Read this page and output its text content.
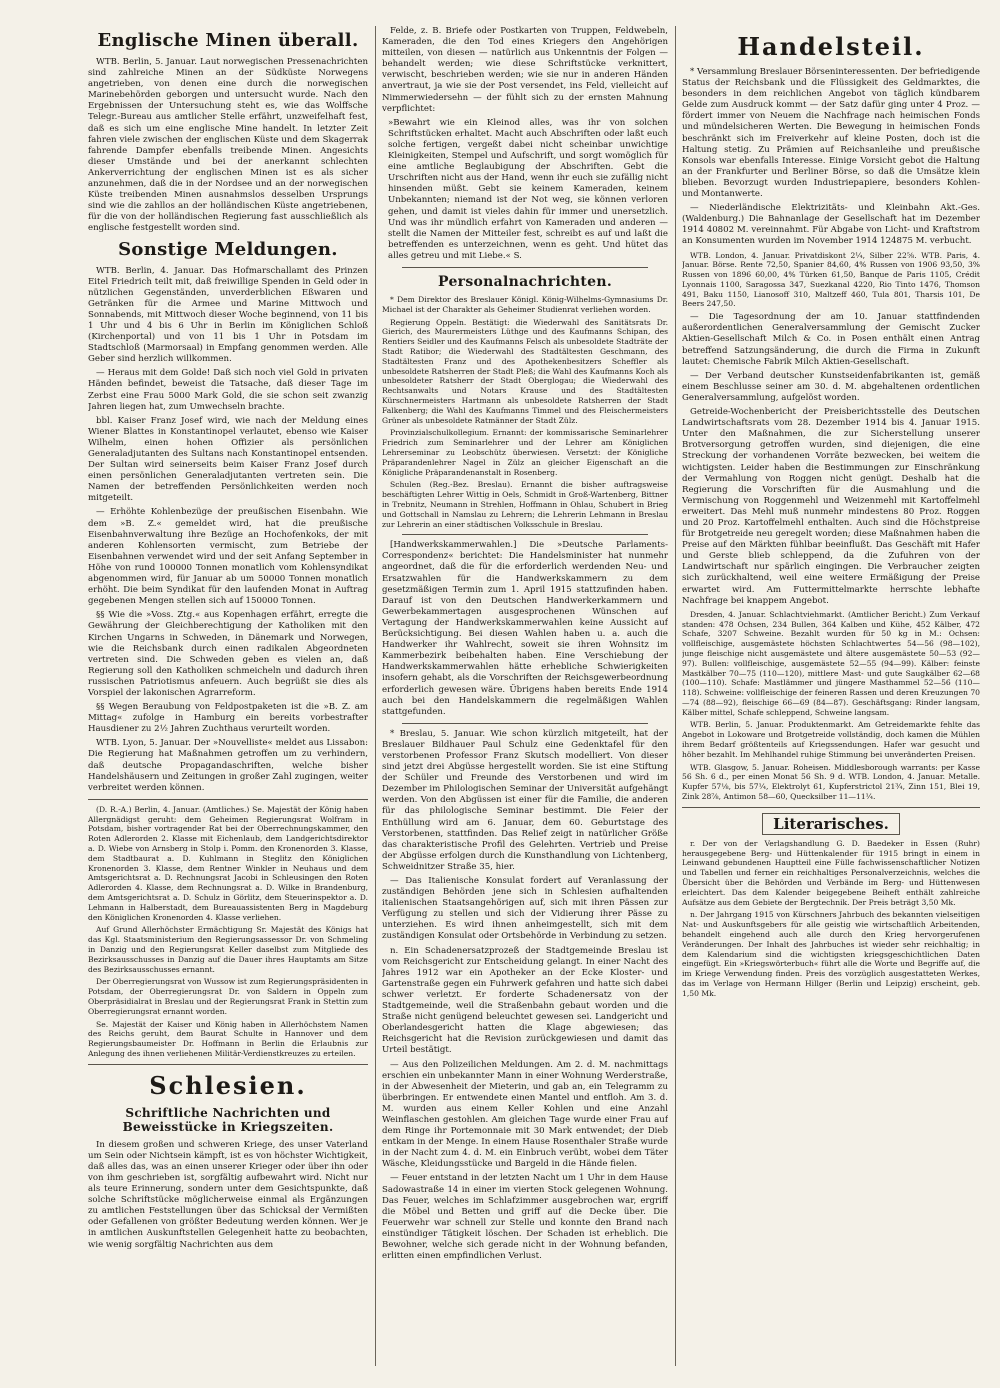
Englische Minen überall.

WTB. Berlin, 5. Januar. Laut norwegischen Pressenachrichten sind zahlreiche Minen an der Südküste Norwegens angetrieben, von denen eine durch die norwegischen Marinebehörden geborgen und untersucht wurde. Nach den Ergebnissen der Untersuchung steht es, wie das Wolffsche Telegr.-Bureau aus amtlicher Stelle erfährt, unzweifelhaft fest, daß es sich um eine englische Mine handelt. In letzter Zeit fahren viele zwischen der englischen Küste und dem Skagerrak fahrende Dampfer ebenfalls treibende Minen. Angesichts dieser Umstände und bei der anerkannt schlechten Ankerverrichtung der englischen Minen ist es als sicher anzunehmen, daß die in der Nordsee und an der norwegischen Küste treibenden Minen ausnahmslos desselben Ursprungs sind wie die zahllos an der holländischen Küste angetriebenen, für die von der holländischen Regierung fast ausschließlich als englische festgestellt worden sind.

Sonstige Meldungen.

WTB. Berlin, 4. Januar. Das Hofmarschallamt des Prinzen Eitel Friedrich teilt mit, daß freiwillige Spenden in Geld oder in nützlichen Gegenständen, unverderblichen Eßwaren und Getränken für die Armee und Marine Mittwoch und Sonnabends, mit Mittwoch dieser Woche beginnend, von 11 bis 1 Uhr und 4 bis 6 Uhr in Berlin im Königlichen Schloß (Kirchenportal) und von 11 bis 1 Uhr in Potsdam im Stadtschloß (Marmorsaal) in Empfang genommen werden. Alle Geber sind herzlich willkommen.

— Heraus mit dem Golde! Daß sich noch viel Gold in privaten Händen befindet, beweist die Tatsache, daß dieser Tage im Zerbst eine Frau 5000 Mark Gold, die sie schon seit zwanzig Jahren liegen hat, zum Umwechseln brachte.

bbl. Kaiser Franz Josef wird, wie nach der Meldung eines Wiener Blattes in Konstantinopel verlautet, ebenso wie Kaiser Wilhelm, einen hohen Offizier als persönlichen Generaladjutanten des Sultans nach Konstantinopel entsenden. Der Sultan wird seinerseits beim Kaiser Franz Josef durch einen persönlichen Generaladjutanten vertreten sein. Die Namen der betreffenden Persönlichkeiten werden noch mitgeteilt.

— Erhöhte Kohlenbezüge der preußischen Eisenbahn. Wie dem »B. Z.« gemeldet wird, hat die preußische Eisenbahnverwaltung ihre Bezüge an Hochofenkoks, der mit anderen Kohlensorten vermischt, zum Betriebe der Eisenbahnen verwendet wird und der seit Anfang September in Höhe von rund 100000 Tonnen monatlich vom Kohlensyndikat abgenommen wird, für Januar ab um 50000 Tonnen monatlich erhöht. Die beim Syndikat für den laufenden Monat in Auftrag gegebenen Mengen stellen sich auf 150000 Tonnen.

§§ Wie die »Voss. Ztg.« aus Kopenhagen erfährt, erregte die Gewährung der Gleichberechtigung der Katholiken mit den Kirchen Ungarns in Schweden, in Dänemark und Norwegen, wie die Reichsbank durch einen radikalen Abgeordneten vertreten sind. Die Schweden geben es vielen an, daß Regierung soll den Katholiken schmeicheln und dadurch ihren russischen Patriotismus anfeuern. Auch begrüßt sie dies als Vorspiel der lakonischen Agrarreform.

§§ Wegen Beraubung von Feldpostpaketen ist die »B. Z. am Mittag« zufolge in Hamburg ein bereits vorbestrafter Hausdiener zu 2½ Jahren Zuchthaus verurteilt worden.

WTB. Lyon, 5. Januar. Der »Nouvelliste« meldet aus Lissabon: Die Regierung hat Maßnahmen getroffen um zu verhindern, daß deutsche Propagandaschriften, welche bisher Handelshäusern und Zeitungen in großer Zahl zugingen, weiter verbreitet werden können.

(D. R.-A.) Berlin, 4. Januar. (Amtliches.) Se. Majestät der König haben Allergnädigst geruht: dem Geheimen Regierungsrat Wolfram in Potsdam, bisher vortragender Rat bei der Oberrechnungskammer, den Roten Adlerorden 2. Klasse mit Eichenlaub, dem Landgerichtsdirektor a. D. Wiebe von Arnsberg in Stolp i. Pomm. den Kronenorden 3. Klasse, dem Stadtbaurat a. D. Kuhlmann in Steglitz den Königlichen Kronenorden 3. Klasse, dem Rentner Winkler in Neuhaus und dem Amtsgerichtsrat a. D. Rechnungsrat Jacobi in Schleusingen den Roten Adlerorden 4. Klasse, dem Rechnungsrat a. D. Wilke in Brandenburg, dem Amtsgerichtsrat a. D. Schulz in Görlitz, dem Steuerinspektor a. D. Lehmann in Halberstadt, dem Bureauassistenten Berg in Magdeburg den Königlichen Kronenorden 4. Klasse verliehen.

Auf Grund Allerhöchster Ermächtigung Sr. Majestät des Königs hat das Kgl. Staatsministerium den Regierungsassessor Dr. von Schmeling in Danzig und den Regierungsrat Keller daselbst zum Mitgliede des Bezirksausschusses in Danzig auf die Dauer ihres Hauptamts am Sitze des Bezirksausschusses ernannt.

Der Oberregierungsrat von Wussow ist zum Regierungspräsidenten in Potsdam, der Oberregierungsrat Dr. von Saldern in Oppeln zum Oberpräsidialrat in Breslau und der Regierungsrat Frank in Stettin zum Oberregierungsrat ernannt worden.

Se. Majestät der Kaiser und König haben in Allerhöchstem Namen des Reichs geruht, dem Baurat Schulte in Hannover und dem Regierungsbaumeister Dr. Hoffmann in Berlin die Erlaubnis zur Anlegung des ihnen verliehenen Militär-Verdienstkreuzes zu erteilen.

Schlesien.
Schriftliche Nachrichten und Beweisstücke in Kriegszeiten.

In diesem großen und schweren Kriege, des unser Vaterland um Sein oder Nichtsein kämpft, ist es von höchster Wichtigkeit, daß alles das, was an einen unserer Krieger oder über ihn oder von ihm geschrieben ist, sorgfältig aufbewahrt wird. Nicht nur als teure Erinnerung, sondern unter dem Gesichtspunkte, daß solche Schriftstücke möglicherweise einmal als Ergänzungen zu amtlichen Feststellungen über das Schicksal der Vermißten oder Gefallenen von größter Bedeutung werden können. Wer je in amtlichen Auskunftstellen Gelegenheit hatte zu beobachten, wie wenig sorgfältig Nachrichten aus dem

Felde, z. B. Briefe oder Postkarten von Truppen, Feldwebeln, Kameraden, die den Tod eines Kriegers den Angehörigen mitteilen, von diesen — natürlich aus Unkenntnis der Folgen — behandelt werden; wie diese Schriftstücke verknittert, verwischt, beschrieben werden; wie sie nur in anderen Händen anvertraut, ja wie sie der Post versendet, ins Feld, vielleicht auf Nimmerwiedersehn — der fühlt sich zu der ernsten Mahnung verpflichtet:

»Bewahrt wie ein Kleinod alles, was ihr von solchen Schriftstücken erhaltet. Macht auch Abschriften oder laßt euch solche fertigen, vergeßt dabei nicht scheinbar unwichtige Kleinigkeiten, Stempel und Aufschrift, und sorgt womöglich für eine amtliche Beglaubigung der Abschriften. Gebt die Urschriften nicht aus der Hand, wenn ihr euch sie zufällig nicht hinsenden müßt. Gebt sie keinem Kameraden, keinem Unbekannten; niemand ist der Not weg, sie können verloren gehen, und damit ist vieles dahin für immer und unersetzlich. Und was ihr mündlich erfahrt von Kameraden und anderen — stellt die Namen der Mitteiler fest, schreibt es auf und laßt die betreffenden es unterzeichnen, wenn es geht. Und hütet das alles getreu und mit Liebe.« S.

Personalnachrichten.

* Dem Direktor des Breslauer Königl. König-Wilhelms-Gymnasiums Dr. Michael ist der Charakter als Geheimer Studienrat verliehen worden.

Regierung Oppeln. Bestätigt: die Wiederwahl des Sanitätsrats Dr. Gierich, des Maurermeisters Lüthge und des Kaufmanns Schipan, des Rentiers Seidler und des Kaufmanns Felsch als unbesoldete Stadträte der Stadt Ratibor; die Wiederwahl des Stadtältesten Geschmann, des Stadtältesten Franz und des Apothekenbesitzers Scheffler als unbesoldete Ratsherren der Stadt Pleß; die Wahl des Kaufmanns Koch als unbesoldeter Ratsherr der Stadt Oberglogau; die Wiederwahl des Rechtsanwalts und Notars Krause und des Stadtältesten Kürschnermeisters Hartmann als unbesoldete Ratsherren der Stadt Falkenberg; die Wahl des Kaufmanns Timmel und des Fleischermeisters Grüner als unbesoldete Ratmänner der Stadt Zülz.

Provinzialschulkollegium. Ernannt: der kommissarische Seminarlehrer Friedrich zum Seminarlehrer und der Lehrer am Königlichen Lehrerseminar zu Leobschütz überwiesen. Versetzt: der Königliche Präparandenlehrer Nagel in Zülz an gleicher Eigenschaft an die Königliche Präparandenanstalt in Rosenberg.

Schulen (Reg.-Bez. Breslau). Ernannt die bisher auftragsweise beschäftigten Lehrer Wittig in Oels, Schmidt in Groß-Wartenberg, Bittner in Trebnitz, Neumann in Strehlen, Hoffmann in Ohlau, Schubert in Brieg und Gottschall in Namslau zu Lehrern; die Lehrerin Lehmann in Breslau zur Lehrerin an einer städtischen Volksschule in Breslau.

[Handwerkskammerwahlen.] Die »Deutsche Parlaments-Correspondenz« berichtet: Die Handelsminister hat nunmehr angeordnet, daß die für die erforderlich werdenden Neu- und Ersatzwahlen für die Handwerkskammern zu dem gesetzmäßigen Termin zum 1. April 1915 stattzufinden haben. Darauf ist von den Deutschen Handwerkerkammern und Gewerbekammertagen ausgesprochenen Wünschen auf Vertagung der Handwerkskammerwahlen keine Aussicht auf Berücksichtigung. Bei diesen Wahlen haben u. a. auch die Handwerker ihr Wahlrecht, soweit sie ihren Wohnsitz im Kammerbezirk beibehalten haben. Eine Verschiebung der Handwerkskammerwahlen hätte erhebliche Schwierigkeiten insofern gehabt, als die Vorschriften der Reichsgewerbeordnung erforderlich gewesen wäre. Übrigens haben bereits Ende 1914 auch bei den Handelskammern die regelmäßigen Wahlen stattgefunden.

* Breslau, 5. Januar. Wie schon kürzlich mitgeteilt, hat der Breslauer Bildhauer Paul Schulz eine Gedenktafel für den verstorbenen Professor Franz Skutsch modelliert. Von dieser sind jetzt drei Abgüsse hergestellt worden. Sie ist eine Stiftung der Schüler und Freunde des Verstorbenen und wird im Dezember im Philologischen Seminar der Universität aufgehängt werden. Von den Abgüssen ist einer für die Familie, die anderen für das philologische Seminar bestimmt. Die Feier der Enthüllung wird am 6. Januar, dem 60. Geburtstage des Verstorbenen, stattfinden. Das Relief zeigt in natürlicher Größe das charakteristische Profil des Gelehrten. Vertrieb und Preise der Abgüsse erfolgen durch die Kunsthandlung von Lichtenberg, Schweidnitzer Straße 35, hier.

— Das Italienische Konsulat fordert auf Veranlassung der zuständigen Behörden jene sich in Schlesien aufhaltenden italienischen Staatsangehörigen auf, sich mit ihren Pässen zur Verfügung zu stellen und sich der Vidierung ihrer Pässe zu unterziehen. Es wird ihnen anheimgestellt, sich mit dem zuständigen Konsulat oder Ortsbehörde in Verbindung zu setzen.

n. Ein Schadenersatzprozeß der Stadtgemeinde Breslau ist vom Reichsgericht zur Entscheidung gelangt. In einer Nacht des Jahres 1912 war ein Apotheker an der Ecke Kloster- und Gartenstraße gegen ein Fuhrwerk gefahren und hatte sich dabei schwer verletzt. Er forderte Schadenersatz von der Stadtgemeinde, weil die Straßenbahn gebaut worden und die Straße nicht genügend beleuchtet gewesen sei. Landgericht und Oberlandesgericht hatten die Klage abgewiesen; das Reichsgericht hat die Revision zurückgewiesen und damit das Urteil bestätigt.

— Aus den Polizeilichen Meldungen. Am 2. d. M. nachmittags erschien ein unbekannter Mann in einer Wohnung Werderstraße, in der Abwesenheit der Mieterin, und gab an, ein Telegramm zu überbringen. Er entwendete einen Mantel und entfloh. Am 3. d. M. wurden aus einem Keller Kohlen und eine Anzahl Weinflaschen gestohlen. Am gleichen Tage wurde einer Frau auf dem Ringe ihr Portemonnaie mit 30 Mark entwendet; der Dieb entkam in der Menge. In einem Hause Rosenthaler Straße wurde in der Nacht zum 4. d. M. ein Einbruch verübt, wobei dem Täter Wäsche, Kleidungsstücke und Bargeld in die Hände fielen.

— Feuer entstand in der letzten Nacht um 1 Uhr in dem Hause Sadowastraße 14 in einer im vierten Stock gelegenen Wohnung. Das Feuer, welches im Schlafzimmer ausgebrochen war, ergriff die Möbel und Betten und griff auf die Decke über. Die Feuerwehr war schnell zur Stelle und konnte den Brand nach einstündiger Tätigkeit löschen. Der Schaden ist erheblich. Die Bewohner, welche sich gerade nicht in der Wohnung befanden, erlitten einen empfindlichen Verlust.

Handelsteil.

* Versammlung Breslauer Börseninteressenten. Der befriedigende Status der Reichsbank und die Flüssigkeit des Geldmarktes, die besonders in dem reichlichen Angebot von täglich kündbarem Gelde zum Ausdruck kommt — der Satz dafür ging unter 4 Proz. — fördert immer von Neuem die Nachfrage nach heimischen Fonds und mündelsicheren Werten. Die Bewegung in heimischen Fonds beschränkt sich im Freiverkehr auf kleine Posten, doch ist die Haltung stetig. Zu Prämien auf Reichsanleihe und preußische Konsols war ebenfalls Interesse. Einige Vorsicht gebot die Haltung an der Frankfurter und Berliner Börse, so daß die Umsätze klein blieben. Bevorzugt wurden Industriepapiere, besonders Kohlen- und Montanwerte.

— Niederländische Elektrizitäts- und Kleinbahn Akt.-Ges. (Waldenburg.) Die Bahnanlage der Gesellschaft hat im Dezember 1914 40802 M. vereinnahmt. Für Abgabe von Licht- und Kraftstrom an Konsumenten wurden im November 1914 124875 M. verbucht.

WTB. London, 4. Januar. Privatdiskont 2¼, Silber 22⅝. WTB. Paris, 4. Januar. Börse. Rente 72,50, Spanier 84,60, 4% Russen von 1906 93,50, 3% Russen von 1896 60,00, 4% Türken 61,50, Banque de Paris 1105, Crédit Lyonnais 1100, Saragossa 347, Suezkanal 4220, Rio Tinto 1476, Thomson 491, Baku 1150, Lianosoff 310, Maltzeff 460, Tula 801, Tharsis 101, De Beers 247,50.

— Die Tagesordnung der am 10. Januar stattfindenden außerordentlichen Generalversammlung der Gemischt Zucker Aktien-Gesellschaft Milch & Co. in Posen enthält einen Antrag betreffend Satzungsänderung, die durch die Firma in Zukunft lautet: Chemische Fabrik Milch Aktien-Gesellschaft.

— Der Verband deutscher Kunstseidenfabrikanten ist, gemäß einem Beschlusse seiner am 30. d. M. abgehaltenen ordentlichen Generalversammlung, aufgelöst worden.

Getreide-Wochenbericht der Preisberichtsstelle des Deutschen Landwirtschaftsrats vom 28. Dezember 1914 bis 4. Januar 1915. Unter den Maßnahmen, die zur Sicherstellung unserer Brotversorgung getroffen wurden, sind diejenigen, die eine Streckung der vorhandenen Vorräte bezwecken, bei weitem die wichtigsten. Leider haben die Bestimmungen zur Einschränkung der Vermahlung von Roggen nicht genügt. Deshalb hat die Regierung die Vorschriften für die Ausmahlung und die Vermischung von Roggenmehl und Weizenmehl mit Kartoffelmehl erweitert. Das Mehl muß nunmehr mindestens 80 Proz. Roggen und 20 Proz. Kartoffelmehl enthalten. Auch sind die Höchstpreise für Brotgetreide neu geregelt worden; diese Maßnahmen haben die Preise auf den Märkten fühlbar beeinflußt. Das Geschäft mit Hafer und Gerste blieb schleppend, da die Zufuhren von der Landwirtschaft nur spärlich eingingen. Die Verbraucher zeigten sich zurückhaltend, weil eine weitere Ermäßigung der Preise erwartet wird. Am Futtermittelmarkte herrschte lebhafte Nachfrage bei knappem Angebot.

Dresden, 4. Januar. Schlachtviehmarkt. (Amtlicher Bericht.) Zum Verkauf standen: 478 Ochsen, 234 Bullen, 364 Kalben und Kühe, 452 Kälber, 472 Schafe, 3207 Schweine. Bezahlt wurden für 50 kg in M.: Ochsen: vollfleischige, ausgemästete höchsten Schlachtwertes 54—56 (98—102), junge fleischige nicht ausgemästete und ältere ausgemästete 50—53 (92—97). Bullen: vollfleischige, ausgemästete 52—55 (94—99). Kälber: feinste Mastkälber 70—75 (110—120), mittlere Mast- und gute Saugkälber 62—68 (100—110). Schafe: Mastlämmer und jüngere Masthammel 52—56 (110—118). Schweine: vollfleischige der feineren Rassen und deren Kreuzungen 70—74 (88—92), fleischige 66—69 (84—87). Geschäftsgang: Rinder langsam, Kälber mittel, Schafe schleppend, Schweine langsam.

WTB. Berlin, 5. Januar. Produktenmarkt. Am Getreidemarkte fehlte das Angebot in Lokoware und Brotgetreide vollständig, doch kamen die Mühlen ihrem Bedarf größtenteils auf Kriegssendungen. Hafer war gesucht und höher bezahlt. Im Mehlhandel ruhige Stimmung bei unveränderten Preisen.

WTB. Glasgow, 5. Januar. Roheisen. Middlesborough warrants: per Kasse 56 Sh. 6 d., per einen Monat 56 Sh. 9 d. WTB. London, 4. Januar. Metalle. Kupfer 57⅛, bis 57¼, Elektrolyt 61, Kupferstrictol 21¾, Zinn 151, Blei 19, Zink 28⅞, Antimon 58—60, Quecksilber 11—11¼.

Literarisches.

r. Der von der Verlagshandlung G. D. Baedeker in Essen (Ruhr) herausgegebene Berg- und Hüttenkalender für 1915 bringt in einem in Leinwand gebundenen Hauptteil eine Fülle fachwissenschaftlicher Notizen und Tabellen und ferner ein reichhaltiges Personalverzeichnis, welches die Übersicht über die Behörden und Verbände im Berg- und Hüttenwesen erleichtert. Das dem Kalender beigegebene Beiheft enthält zahlreiche Aufsätze aus dem Gebiete der Bergtechnik. Der Preis beträgt 3,50 Mk.

n. Der Jahrgang 1915 von Kürschners Jahrbuch des bekannten vielseitigen Nat- und Auskunftsgebers für alle geistig wie wirtschaftlich Arbeitenden, behandelt eingehend auch alle durch den Krieg hervorgerufenen Veränderungen. Der Inhalt des Jahrbuches ist wieder sehr reichhaltig; in dem Kalendarium sind die wichtigsten kriegsgeschichtlichen Daten eingefügt. Ein »Kriegswörterbuch« führt alle die Worte und Begriffe auf, die im Kriege Verwendung finden. Preis des vorzüglich ausgestatteten Werkes, das im Verlage von Hermann Hillger (Berlin und Leipzig) erscheint, geb. 1,50 Mk.
